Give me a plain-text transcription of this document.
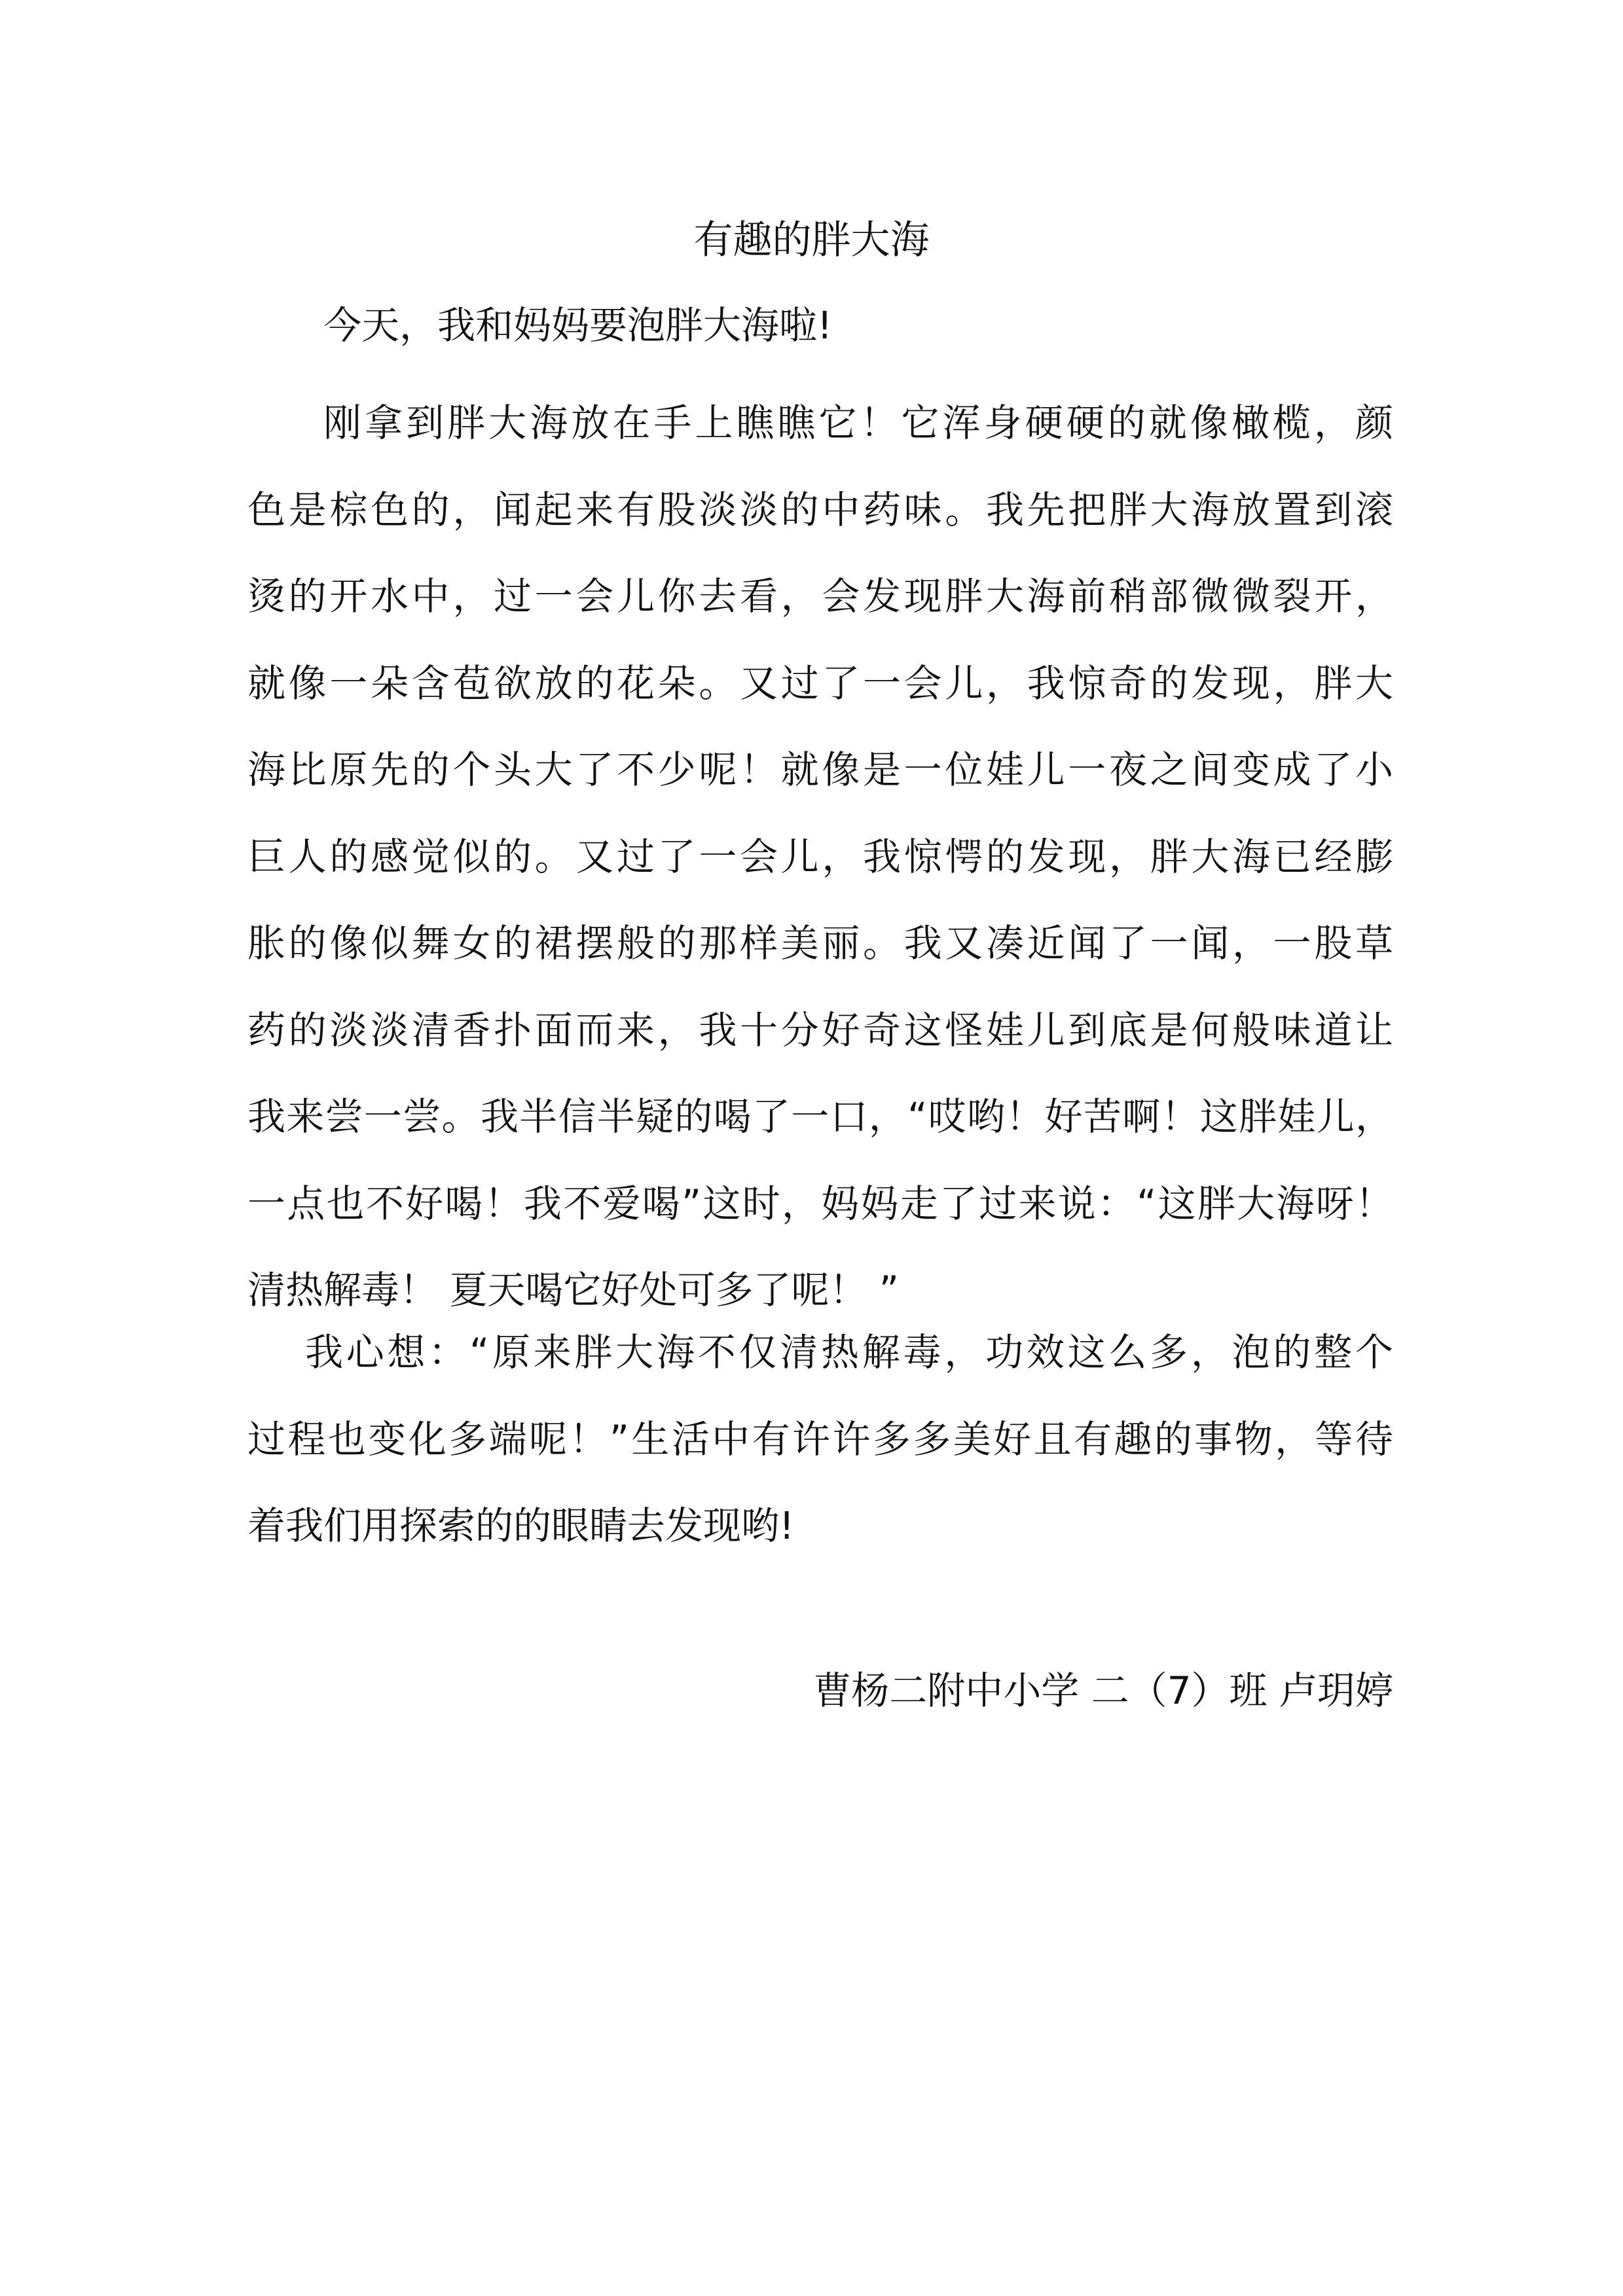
有趣的胖大海
今天，我和妈妈要泡胖大海啦!
刚拿到胖大海放在手上瞧瞧它！它浑身硬硬的就像橄榄，颜
色是棕色的，闻起来有股淡淡的中药味。我先把胖大海放置到滚
烫的开水中，过一会儿你去看，会发现胖大海前稍部微微裂开，
就像一朵含苞欲放的花朵。又过了一会儿，我惊奇的发现，胖大
海比原先的个头大了不少呢！就像是一位娃儿一夜之间变成了小
巨人的感觉似的。又过了一会儿，我惊愕的发现，胖大海已经膨
胀的像似舞女的裙摆般的那样美丽。我又凑近闻了一闻，一股草
药的淡淡清香扑面而来，我十分好奇这怪娃儿到底是何般味道让
我来尝一尝。我半信半疑的喝了一口，“哎哟！好苦啊！这胖娃儿，
一点也不好喝！我不爱喝”这时，妈妈走了过来说：“这胖大海呀！
清热解毒！ 夏天喝它好处可多了呢！ ”
我心想：“原来胖大海不仅清热解毒，功效这么多，泡的整个
过程也变化多端呢！”生活中有许许多多美好且有趣的事物，等待
着我们用探索的的眼睛去发现哟!

曹杨二附中小学 二（7）班 卢玥婷
